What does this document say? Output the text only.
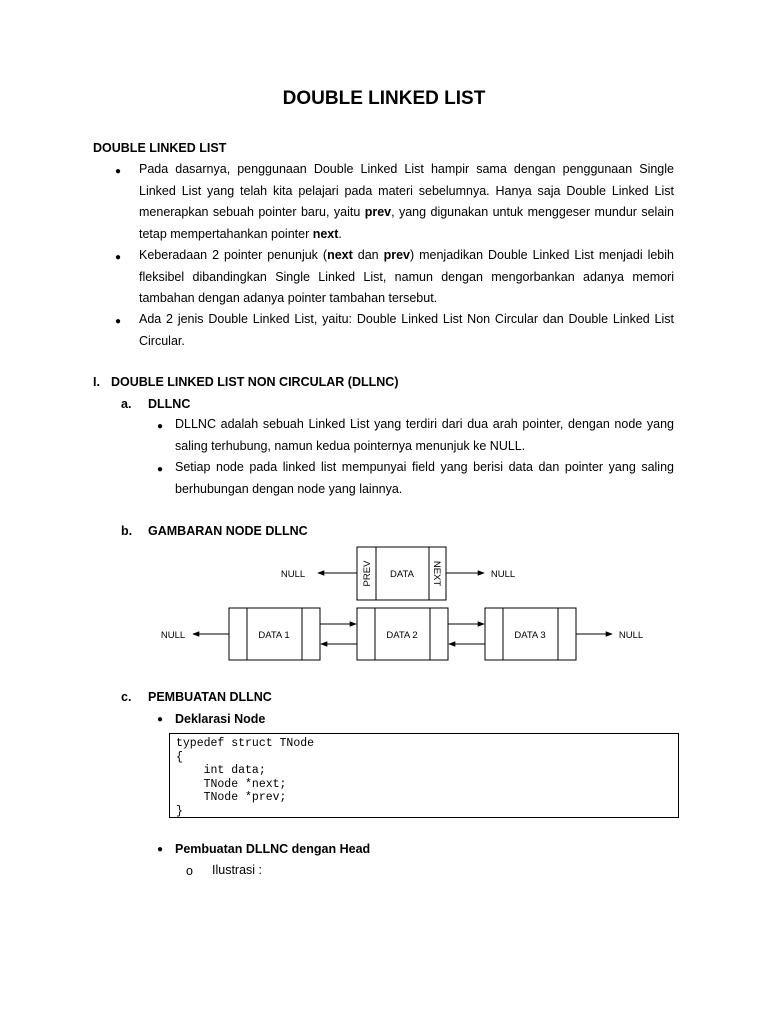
DOUBLE LINKED LIST
DOUBLE LINKED LIST
● Pada dasarnya, penggunaan Double Linked List hampir sama dengan penggunaan Single Linked List yang telah kita pelajari pada materi sebelumnya. Hanya saja Double Linked List menerapkan sebuah pointer baru, yaitu prev, yang digunakan untuk menggeser mundur selain tetap mempertahankan pointer next.
● Keberadaan 2 pointer penunjuk (next dan prev) menjadikan Double Linked List menjadi lebih fleksibel dibandingkan Single Linked List, namun dengan mengorbankan adanya memori tambahan dengan adanya pointer tambahan tersebut.
● Ada 2 jenis Double Linked List, yaitu: Double Linked List Non Circular dan Double Linked List Circular.
I. DOUBLE LINKED LIST NON CIRCULAR (DLLNC)
a. DLLNC
● DLLNC adalah sebuah Linked List yang terdiri dari dua arah pointer, dengan node yang saling terhubung, namun kedua pointernya menunjuk ke NULL.
● Setiap node pada linked list mempunyai field yang berisi data dan pointer yang saling berhubungan dengan node yang lainnya.
b. GAMBARAN NODE DLLNC
PREV DATA NEXT
NULL	NULL
DATA 1	DATA 2	DATA 3
NULL	NULL
c. PEMBUATAN DLLNC
● Deklarasi Node
typedef struct TNode
{
int data;
TNode *next;
TNode *prev;
}
● Pembuatan DLLNC dengan Head
o Ilustrasi :
